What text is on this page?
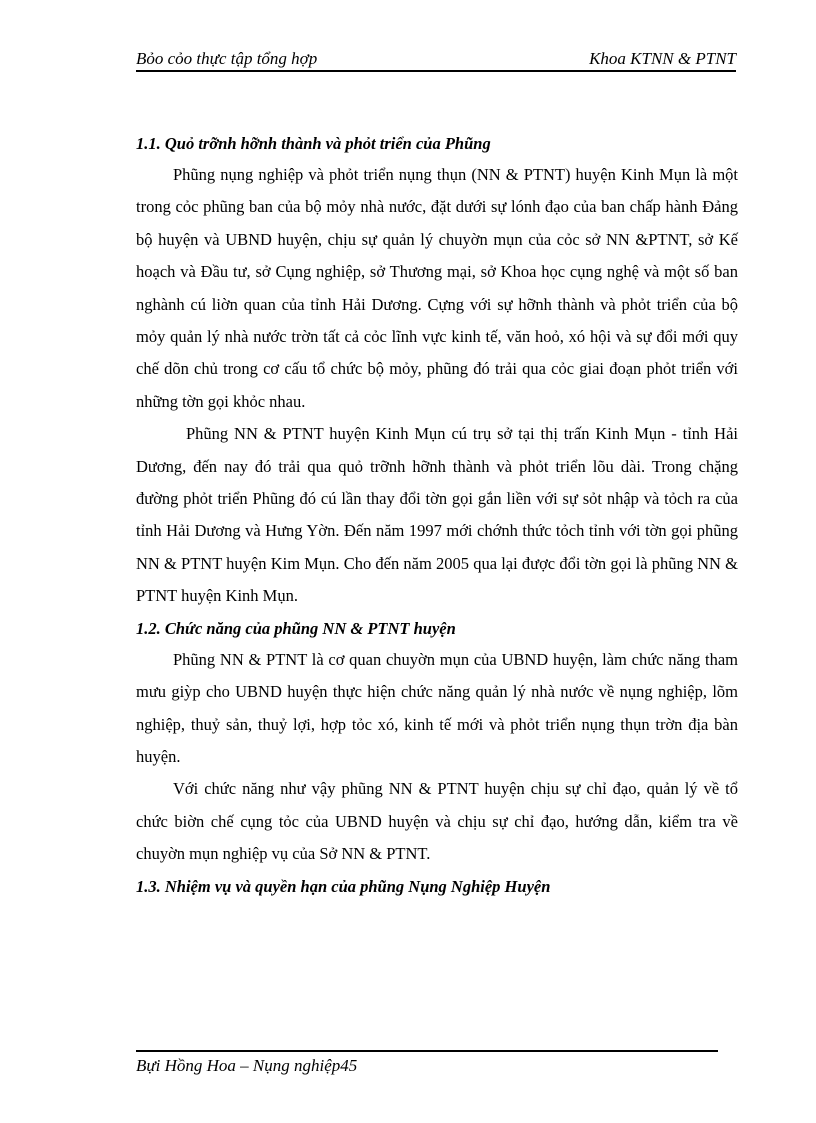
Bỏo cỏo thực tập tổng hợp	Khoa KTNN & PTNT
1.1. Quỏ trỡnh hỡnh thành và phỏt triển của Phũng

Phũng nụng nghiệp và phỏt triển nụng thụn (NN & PTNT) huyện Kinh Mụn là một trong cỏc phũng ban của bộ mỏy nhà nước, đặt dưới sự lónh đạo của ban chấp hành Đảng bộ huyện và UBND huyện, chịu sự quản lý chuyờn mụn của cỏc sở NN &PTNT, sở Kế hoạch và Đầu tư, sở Cụng nghiệp, sở Thương mại, sở Khoa học cụng nghệ và một số ban nghành cú liờn quan của tỉnh Hải Dương. Cựng với sự hỡnh thành và phỏt triển của bộ mỏy quản lý nhà nước trờn tất cả cỏc lĩnh vực kinh tế, văn hoỏ, xó hội và sự đổi mới quy chế dõn chủ trong cơ cấu tổ chức bộ mỏy, phũng đó trải qua cỏc giai đoạn phỏt triển với những tờn gọi khỏc nhau.

Phũng NN & PTNT huyện Kinh Mụn cú trụ sở tại thị trấn Kinh Mụn - tỉnh Hải Dương, đến nay đó trải qua quỏ trỡnh hỡnh thành và phỏt triển lõu dài. Trong chặng đường phỏt triển Phũng đó cú lần thay đổi tờn gọi gắn liền với sự sỏt nhập và tỏch ra của tỉnh Hải Dương và Hưng Yờn. Đến năm 1997 mới chớnh thức tỏch tỉnh với tờn gọi phũng NN & PTNT huyện Kim Mụn. Cho đến năm 2005 qua lại được đổi tờn gọi là phũng NN & PTNT huyện Kinh Mụn.

1.2. Chức năng của phũng NN & PTNT huyện

Phũng NN & PTNT là cơ quan chuyờn mụn của UBND huyện, làm chức năng tham mưu giỳp cho UBND huyện thực hiện chức năng quản lý nhà nước về nụng nghiệp, lõm nghiệp, thuỷ sản, thuỷ lợi, hợp tỏc xó, kinh tế mới và phỏt triển nụng thụn trờn địa bàn huyện.

Với chức năng như vậy phũng NN & PTNT huyện chịu sự chỉ đạo, quản lý về tổ chức biờn chế cụng tỏc của UBND huyện và chịu sự chỉ đạo, hướng dẫn, kiểm tra về chuyờn mụn nghiệp vụ của Sở NN & PTNT.

1.3. Nhiệm vụ và quyền hạn của phũng Nụng Nghiệp Huyện
Bựi Hồng Hoa – Nụng nghiệp45
